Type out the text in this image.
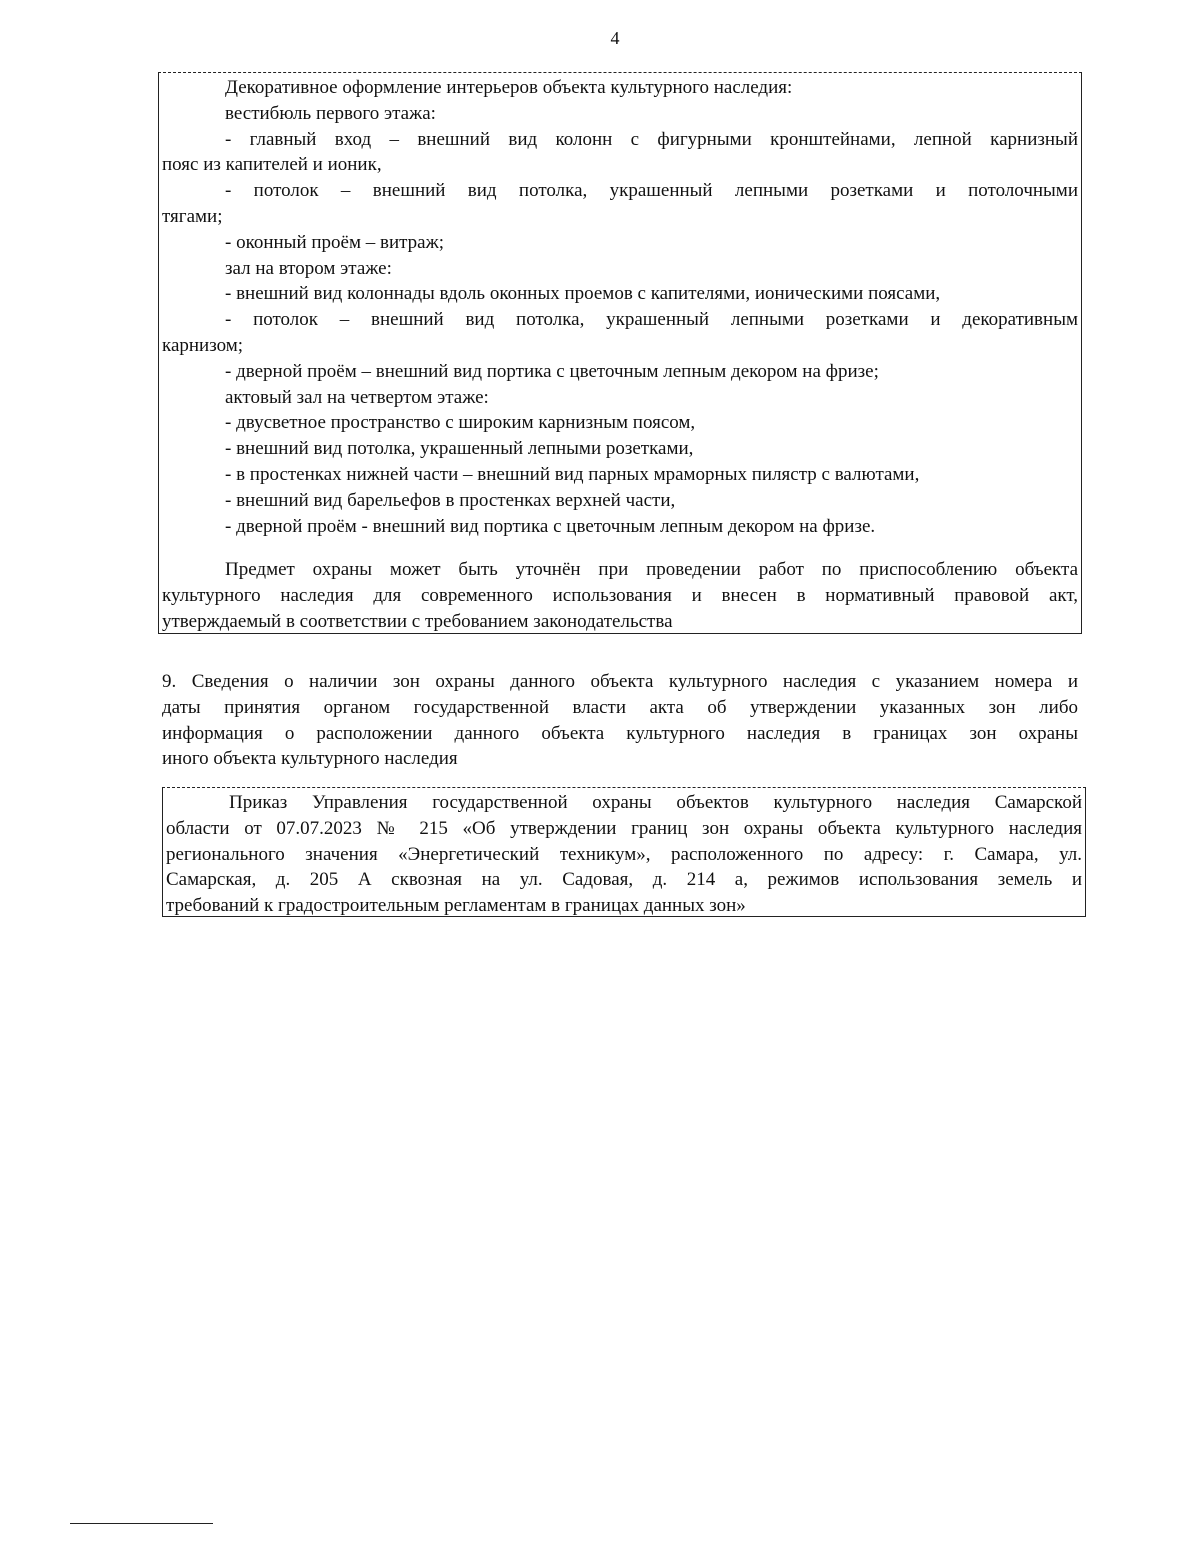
4

Декоративное оформление интерьеров объекта культурного наследия:

вестибюль первого этажа:

- главный вход – внешний вид колонн с фигурными кронштейнами, лепной карнизный

пояс из капителей и ионик,

- потолок – внешний вид потолка, украшенный лепными розетками и потолочными

тягами;

- оконный проём – витраж;

зал на втором этаже:

- внешний вид колоннады вдоль оконных проемов с капителями, ионическими поясами,

- потолок – внешний вид потолка, украшенный лепными розетками и декоративным

карнизом;

- дверной проём – внешний вид портика с цветочным лепным декором на фризе;

актовый зал на четвертом этаже:

- двусветное пространство с широким карнизным поясом,

- внешний вид потолка, украшенный лепными розетками,

- в простенках нижней части – внешний вид парных мраморных пилястр с валютами,

- внешний вид барельефов в простенках верхней части,

- дверной проём - внешний вид портика с цветочным лепным декором на фризе.

Предмет охраны может быть уточнён при проведении работ по приспособлению объекта

культурного наследия для современного использования и внесен в нормативный правовой акт,

утверждаемый в соответствии с требованием законодательства

9. Сведения о наличии зон охраны данного объекта культурного наследия с указанием номера и

даты принятия органом государственной власти акта об утверждении указанных зон либо

информация о расположении данного объекта культурного наследия в границах зон охраны

иного объекта культурного наследия

Приказ Управления государственной охраны объектов культурного наследия Самарской

области от 07.07.2023 № 215 «Об утверждении границ зон охраны объекта культурного наследия

регионального значения «Энергетический техникум», расположенного по адресу: г. Самара, ул.

Самарская, д. 205 А сквозная на ул. Садовая, д. 214 а, режимов использования земель и

требований к градостроительным регламентам в границах данных зон»
